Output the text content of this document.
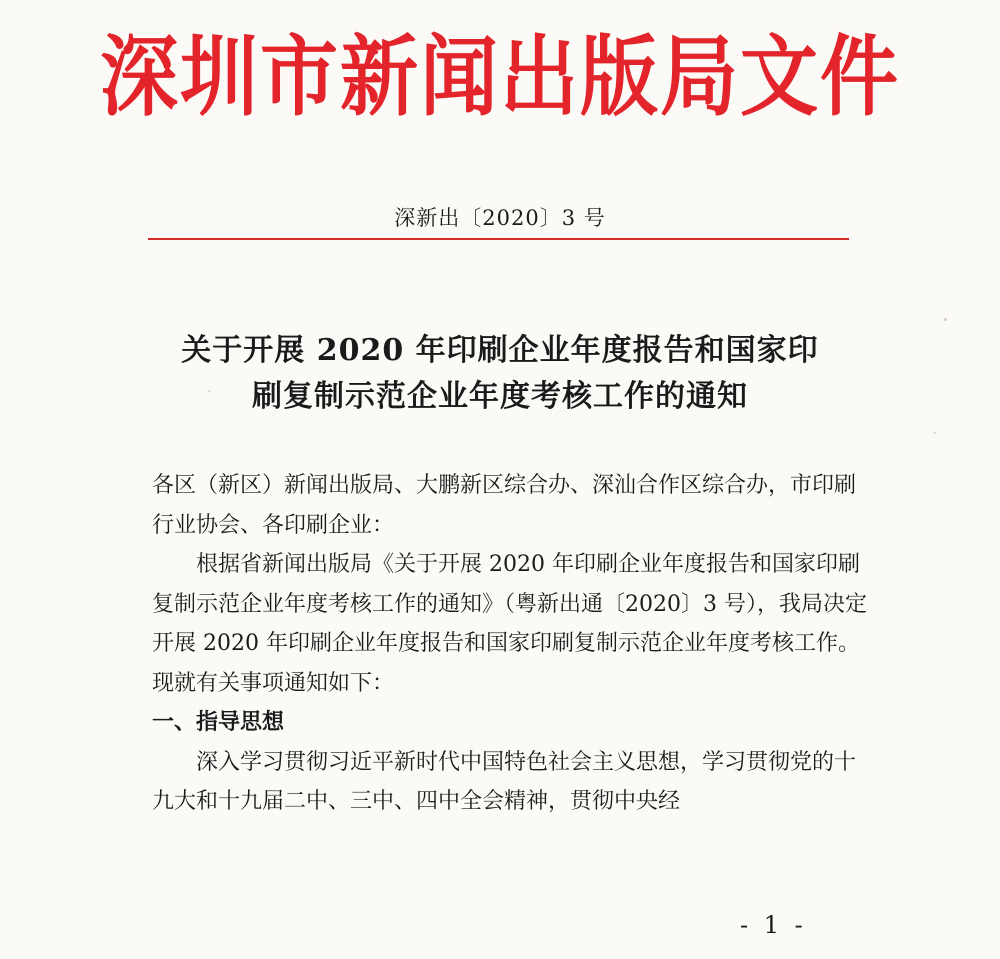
深圳市新闻出版局文件
深新出〔2020〕3 号
关于开展 2020 年印刷企业年度报告和国家印
刷复制示范企业年度考核工作的通知

各区（新区）新闻出版局、大鹏新区综合办、深汕合作区综合办，市印刷行业协会、各印刷企业：

根据省新闻出版局《关于开展 2020 年印刷企业年度报告和国家印刷复制示范企业年度考核工作的通知》（粤新出通〔2020〕3 号），我局决定开展 2020 年印刷企业年度报告和国家印刷复制示范企业年度考核工作。现就有关事项通知如下：

一、指导思想

深入学习贯彻习近平新时代中国特色社会主义思想，学习贯彻党的十九大和十九届二中、三中、四中全会精神，贯彻中央经

- 1 -
